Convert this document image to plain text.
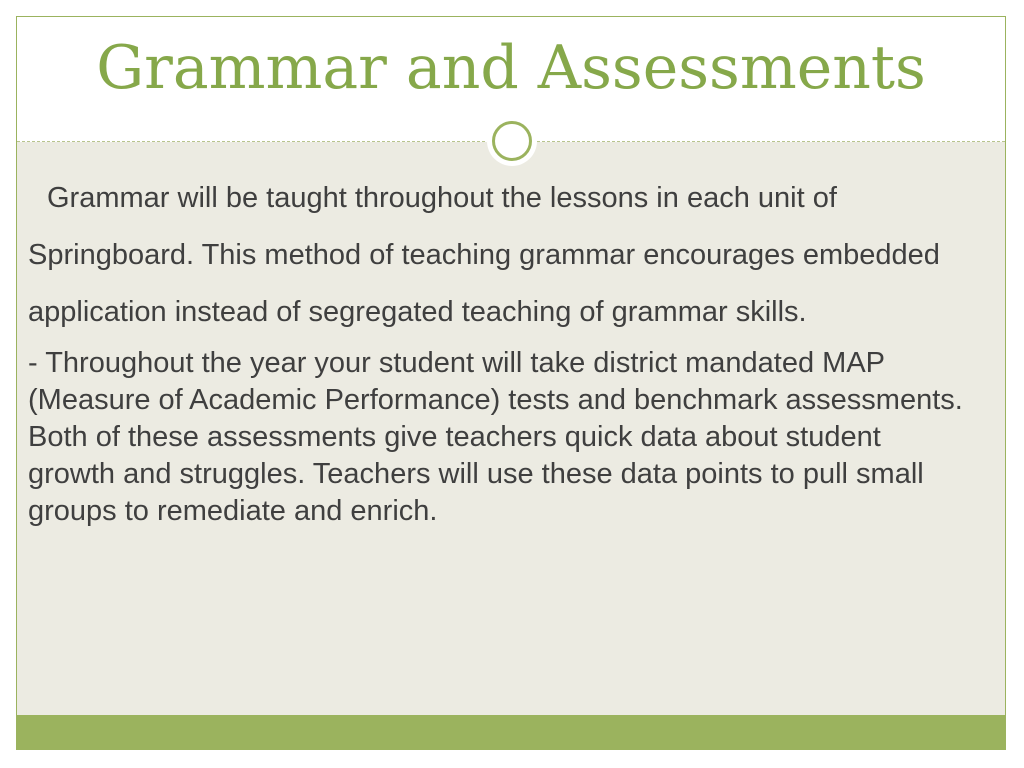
Grammar and Assessments

Grammar will be taught throughout the lessons in each unit of Springboard. This method of teaching grammar encourages embedded application instead of segregated teaching of grammar skills.

- Throughout the year your student will take district mandated MAP (Measure of Academic Performance) tests and benchmark assessments. Both of these assessments give teachers quick data about student growth and struggles. Teachers will use these data points to pull small groups to remediate and enrich.
